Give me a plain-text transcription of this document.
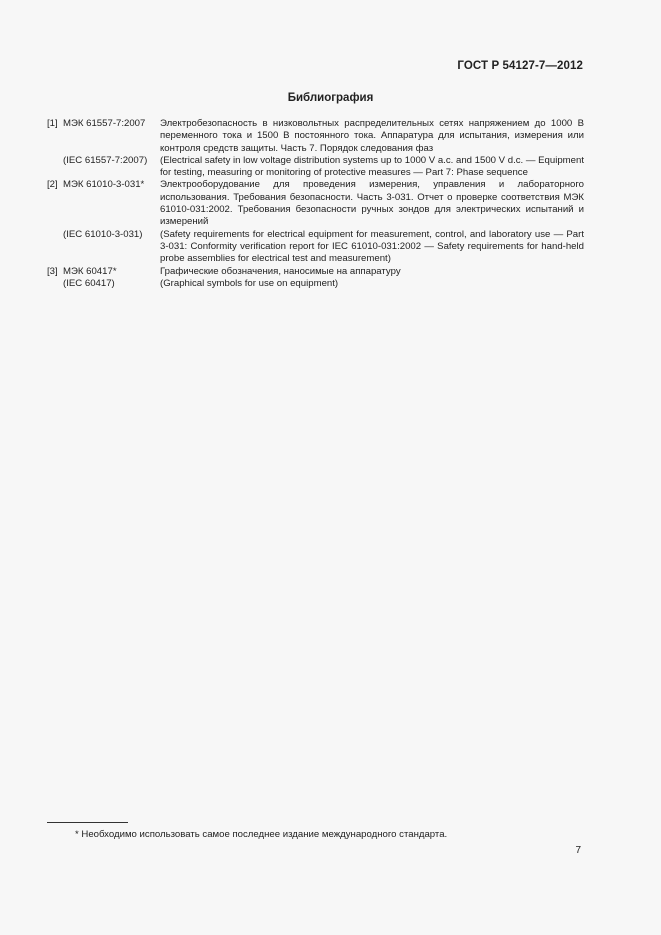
ГОСТ Р 54127-7—2012
Библиография
[1] МЭК 61557-7:2007	Электробезопасность в низковольтных распределительных сетях напряжением до 1000 В переменного тока и 1500 В постоянного тока. Аппаратура для испытания, измерения или контроля средств защиты. Часть 7. Порядок следования фаз
(IEC 61557-7:2007)	(Electrical safety in low voltage distribution systems up to 1000 V a.c. and 1500 V d.c. — Equipment for testing, measuring or monitoring of protective measures — Part 7: Phase sequence
[2] МЭК 61010-3-031*	Электрооборудование для проведения измерения, управления и лабораторного использования. Требования безопасности. Часть 3-031. Отчет о проверке соответствия МЭК 61010-031:2002. Требования безопасности ручных зондов для электрических испытаний и измерений
(IEC 61010-3-031)	(Safety requirements for electrical equipment for measurement, control, and laboratory use — Part 3-031: Conformity verification report for IEC 61010-031:2002 — Safety requirements for hand-held probe assemblies for electrical test and measurement)
[3] МЭК 60417*	Графические обозначения, наносимые на аппаратуру
(IEC 60417)	(Graphical symbols for use on equipment)
* Необходимо использовать самое последнее издание международного стандарта.
7
